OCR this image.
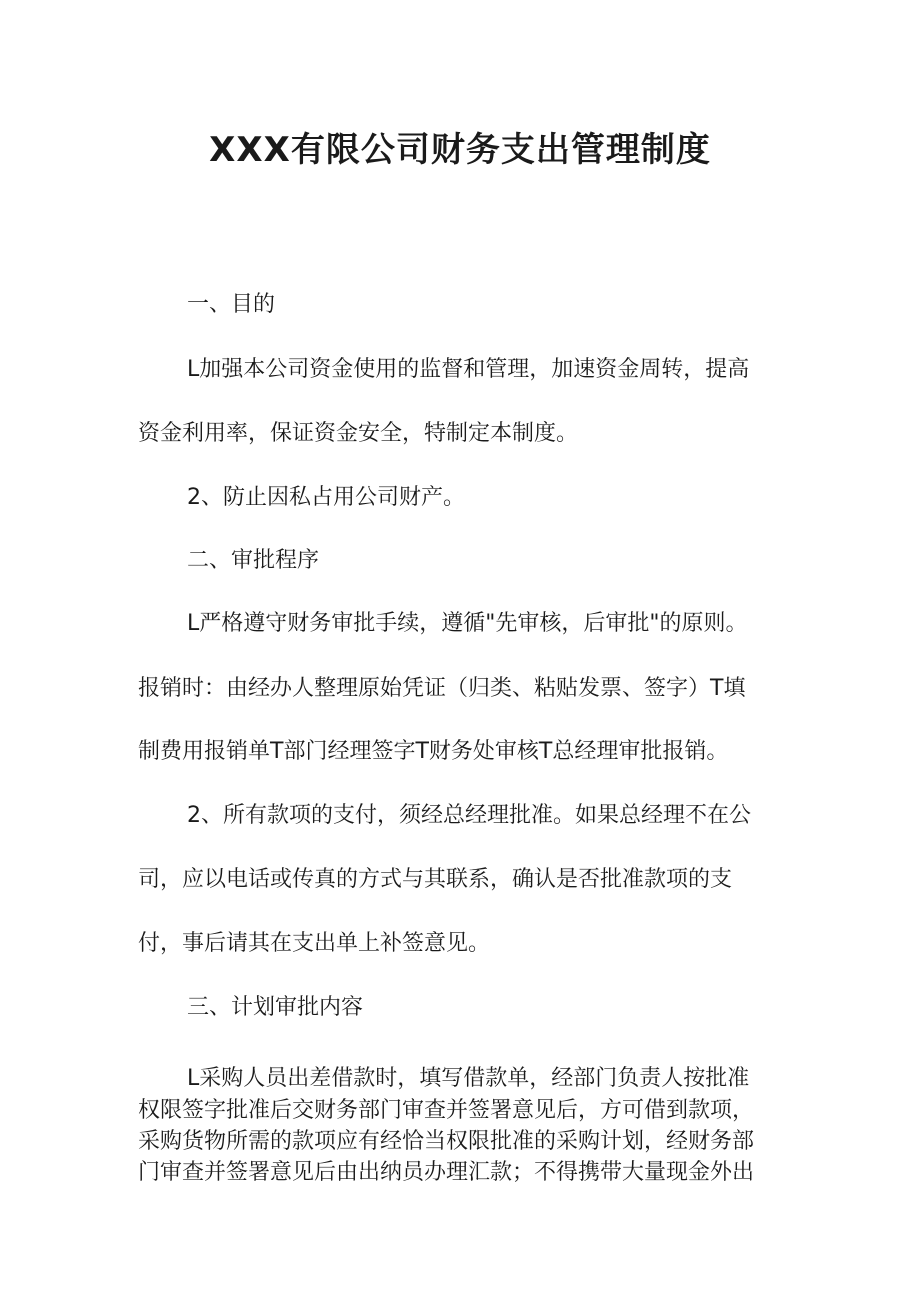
XXX有限公司财务支出管理制度
一、目的
L加强本公司资金使用的监督和管理，加速资金周转，提高
资金利用率，保证资金安全，特制定本制度。
2、防止因私占用公司财产。
二、审批程序
L严格遵守财务审批手续，遵循"先审核，后审批"的原则。
报销时：由经办人整理原始凭证（归类、粘贴发票、签字）T填
制费用报销单T部门经理签字T财务处审核T总经理审批报销。
2、所有款项的支付，须经总经理批准。如果总经理不在公
司，应以电话或传真的方式与其联系，确认是否批准款项的支
付，事后请其在支出单上补签意见。
三、计划审批内容
L采购人员出差借款时，填写借款单，经部门负责人按批准
权限签字批准后交财务部门审查并签署意见后，方可借到款项，
采购货物所需的款项应有经恰当权限批准的采购计划，经财务部
门审查并签署意见后由出纳员办理汇款；不得携带大量现金外出
